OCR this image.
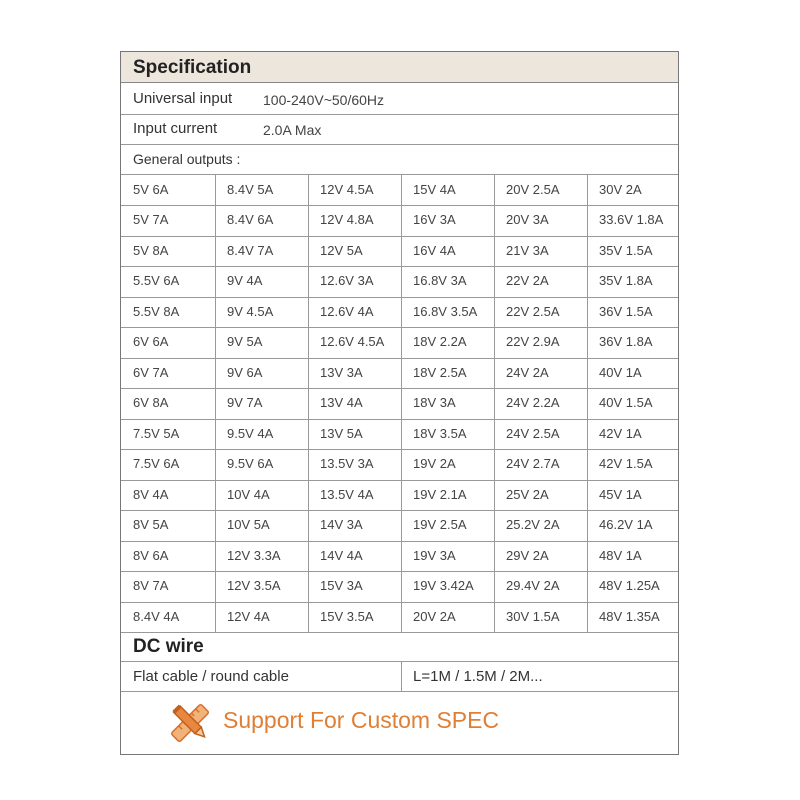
Specification
Universal input 100-240V~50/60Hz
Input current	2.0A Max
General outputs :
5V 6A	8.4V 5A	12V 4.5A	15V 4A	20V 2.5A	30V 2A
5V 7A	8.4V 6A	12V 4.8A	16V 3A	20V 3A	33.6V 1.8A
5V 8A	8.4V 7A	12V 5A	16V 4A	21V 3A	35V 1.5A
5.5V 6A	9V 4A	12.6V 3A	16.8V 3A	22V 2A	35V 1.8A
5.5V 8A	9V 4.5A	12.6V 4A	16.8V 3.5A	22V 2.5A	36V 1.5A
6V 6A	9V 5A	12.6V 4.5A	18V 2.2A	22V 2.9A	36V 1.8A
6V 7A	9V 6A	13V 3A	18V 2.5A	24V 2A	40V 1A
6V 8A	9V 7A	13V 4A	18V 3A	24V 2.2A	40V 1.5A
7.5V 5A	9.5V 4A	13V 5A	18V 3.5A	24V 2.5A	42V 1A
7.5V 6A	9.5V 6A	13.5V 3A	19V 2A	24V 2.7A	42V 1.5A
8V 4A	10V 4A	13.5V 4A	19V 2.1A	25V 2A	45V 1A
8V 5A	10V 5A	14V 3A	19V 2.5A	25.2V 2A	46.2V 1A
8V 6A	12V 3.3A	14V 4A	19V 3A	29V 2A	48V 1A
8V 7A	12V 3.5A	15V 3A	19V 3.42A	29.4V 2A	48V 1.25A
8.4V 4A	12V 4A	15V 3.5A	20V 2A	30V 1.5A	48V 1.35A
DC wire
Flat cable / round cable	L=1M / 1.5M / 2M...
Support For Custom SPEC
